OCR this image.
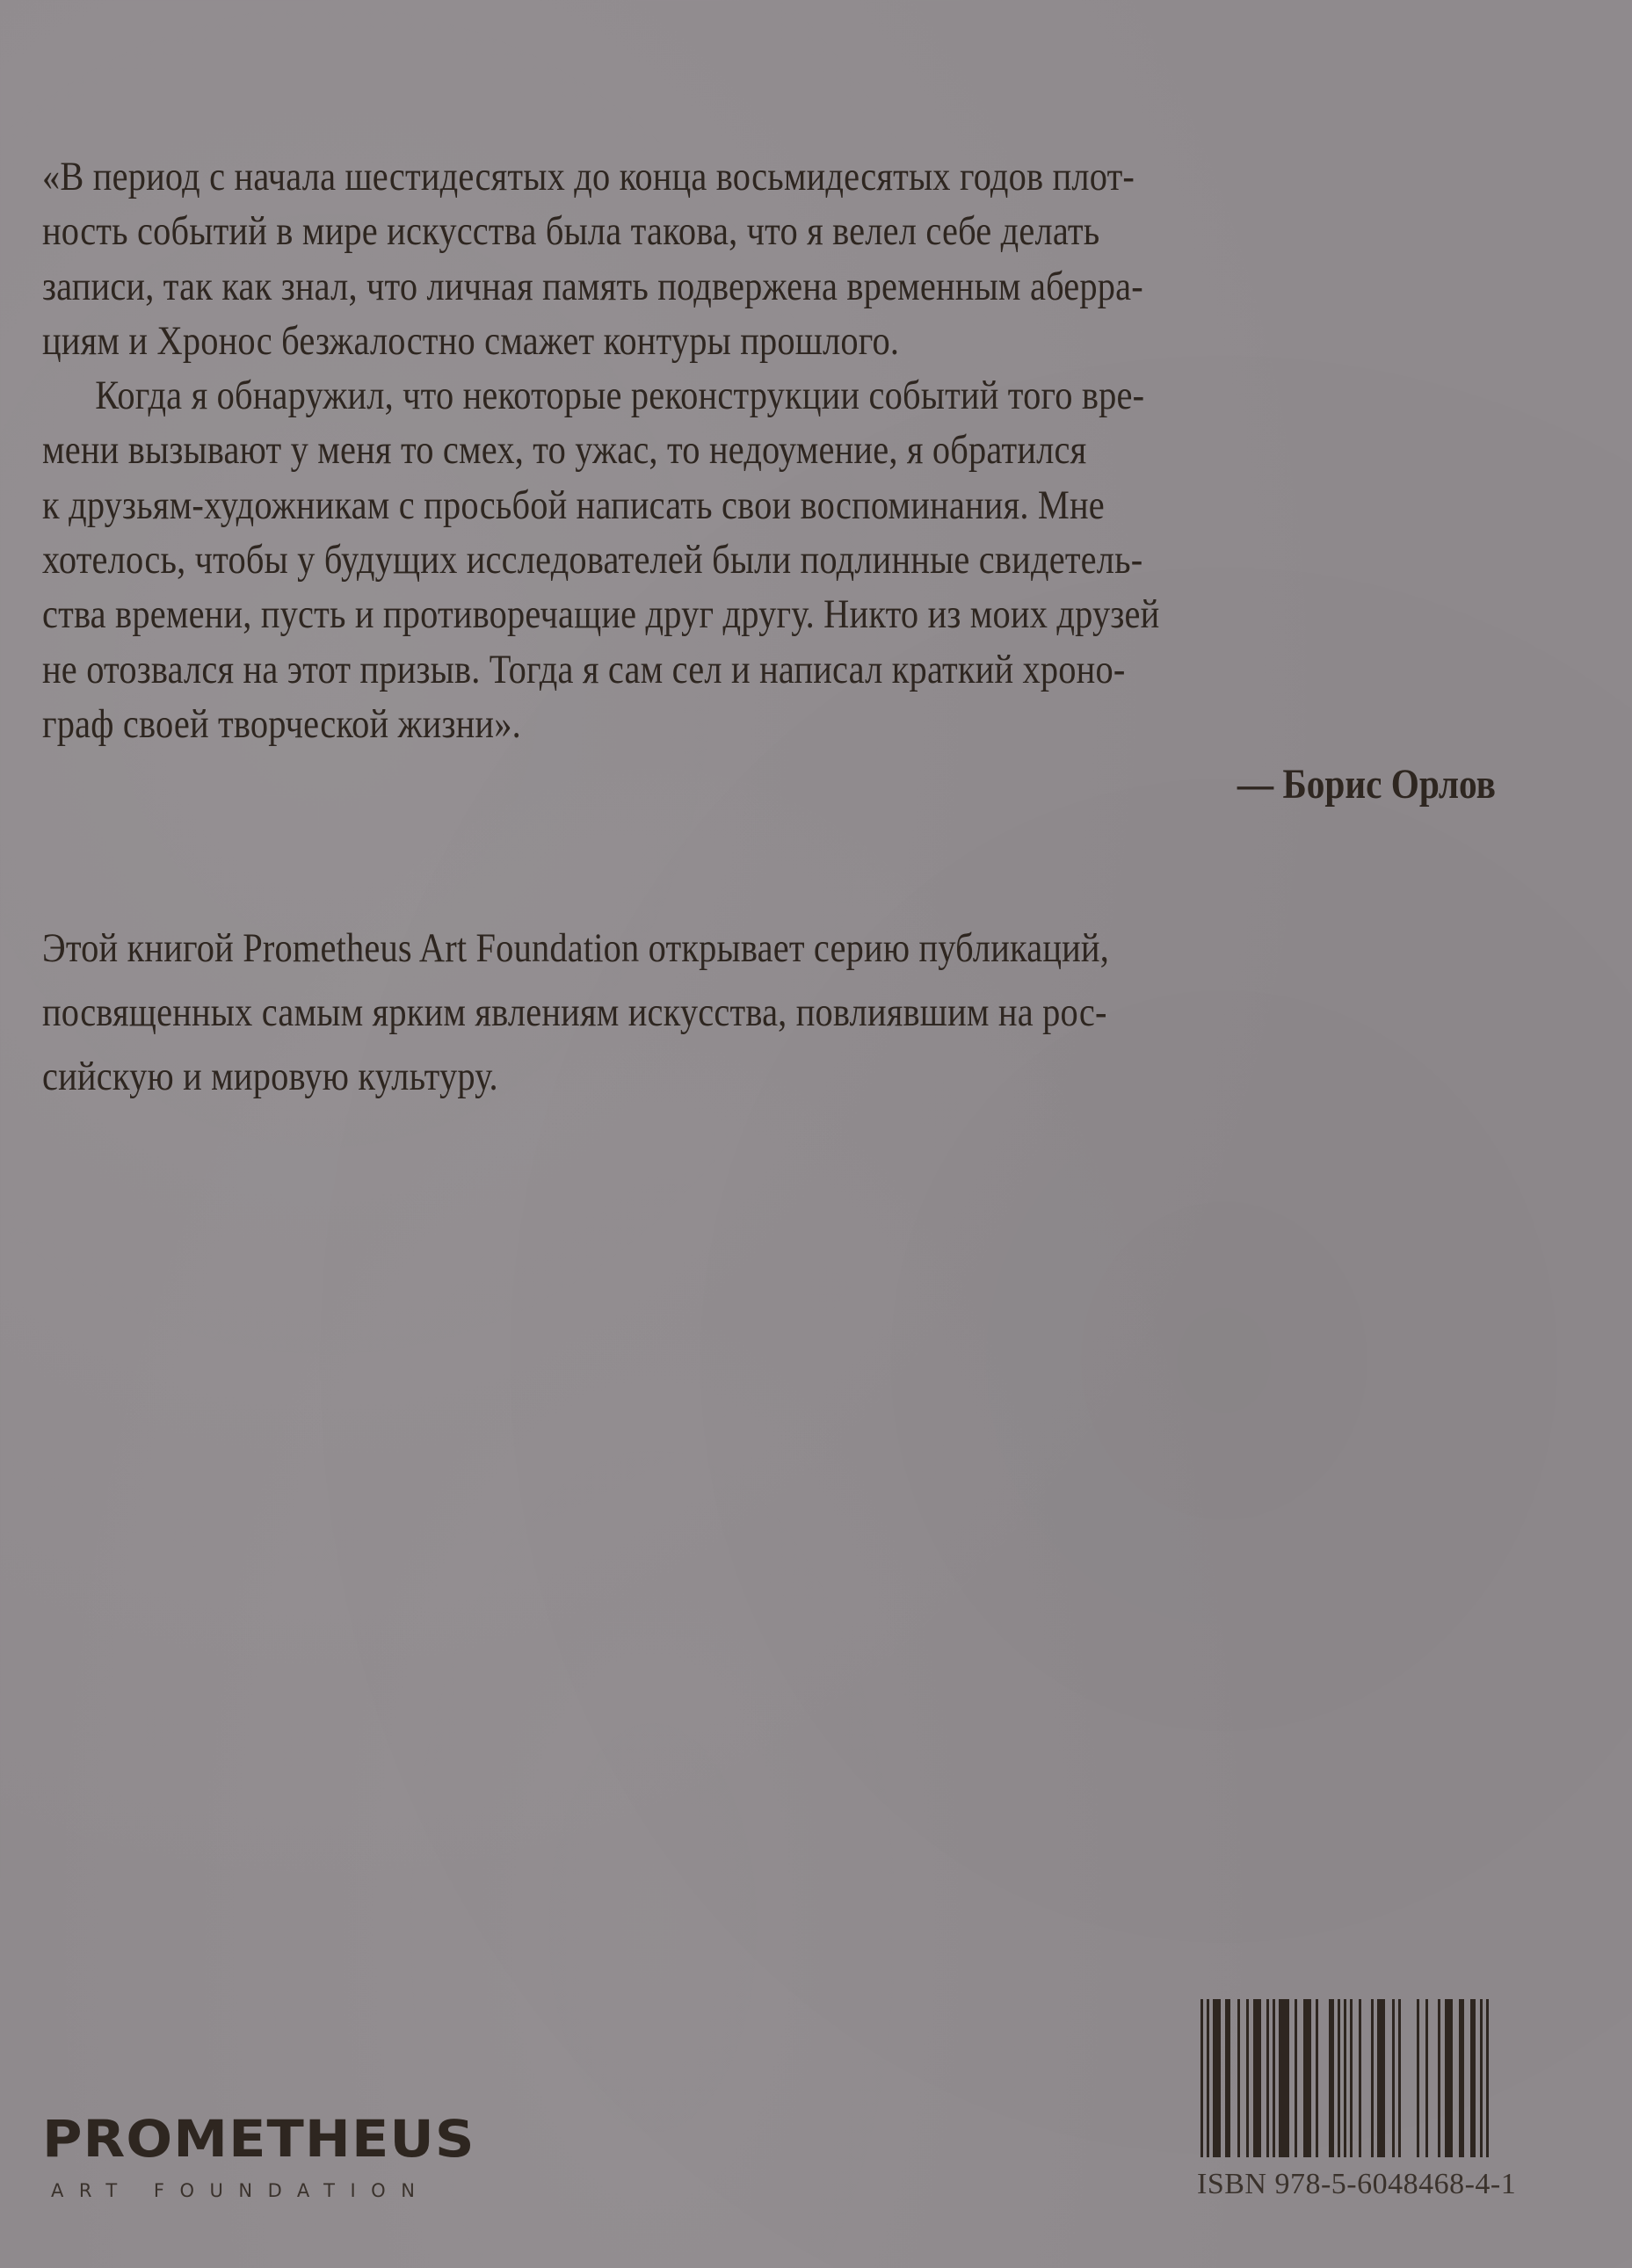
«В период с начала шестидесятых до конца восьмидесятых годов плот-
ность событий в мире искусства была такова, что я велел себе делать
записи, так как знал, что личная память подвержена временным аберра-
циям и Хронос безжалостно смажет контуры прошлого.

Когда я обнаружил, что некоторые реконструкции событий того вре-
мени вызывают у меня то смех, то ужас, то недоумение, я обратился
к друзьям-художникам с просьбой написать свои воспоминания. Мне
хотелось, чтобы у будущих исследователей были подлинные свидетель-
ства времени, пусть и противоречащие друг другу. Никто из моих друзей
не отозвался на этот призыв. Тогда я сам сел и написал краткий хроно-
граф своей творческой жизни».

— Борис Орлов

Этой книгой Prometheus Art Foundation открывает серию публикаций,
посвященных самым ярким явлениям искусства, повлиявшим на рос-
сийскую и мировую культуру.

PROMETHEUS
ART FOUNDATION	ISBN 978-5-6048468-4-1
